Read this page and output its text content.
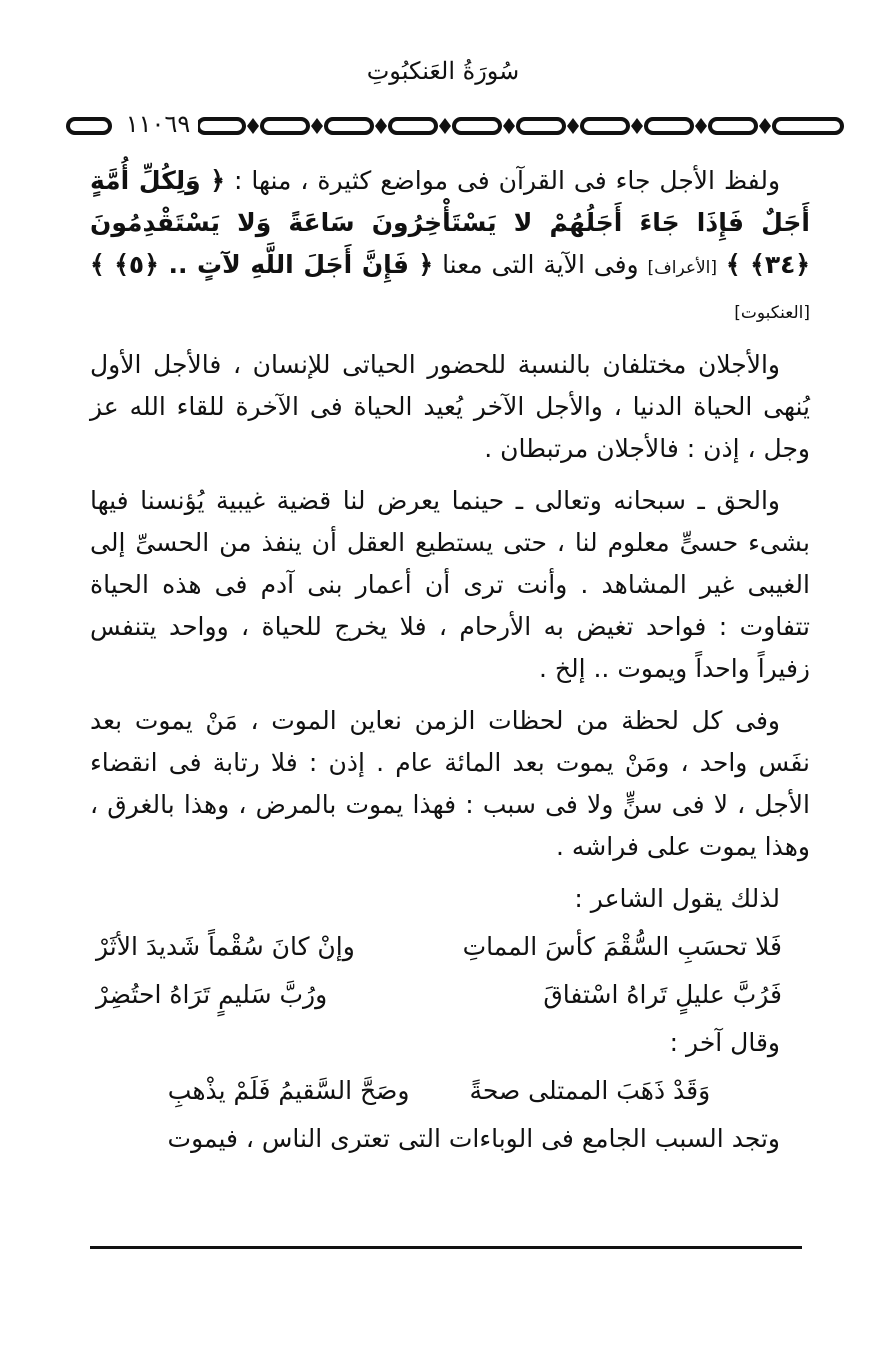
سُورَةُ العَنكبُوتِ
١١٠٦٩

ولفظ الأجل جاء فى القرآن فى مواضع كثيرة ، منها : ﴿ وَلِكُلِّ أُمَّةٍ أَجَلٌ فَإِذَا جَاءَ أَجَلُهُمْ لا يَسْتَأْخِرُونَ سَاعَةً وَلا يَسْتَقْدِمُونَ ﴿٣٤﴾ ﴾ [الأعراف] وفى الآية التى معنا ﴿ فَإِنَّ أَجَلَ اللَّهِ لآتٍ .. ﴿٥﴾ ﴾ [العنكبوت]

والأجلان مختلفان بالنسبة للحضور الحياتى للإنسان ، فالأجل الأول يُنهى الحياة الدنيا ، والأجل الآخر يُعيد الحياة فى الآخرة للقاء الله عز وجل ، إذن : فالأجلان مرتبطان .

والحق ـ سبحانه وتعالى ـ حينما يعرض لنا قضية غيبية يُؤنسنا فيها بشىء حسىٍّ معلوم لنا ، حتى يستطيع العقل أن ينفذ من الحسىِّ إلى الغيبى غير المشاهد . وأنت ترى أن أعمار بنى آدم فى هذه الحياة تتفاوت : فواحد تغيض به الأرحام ، فلا يخرج للحياة ، وواحد يتنفس زفيراً واحداً ويموت .. إلخ .

وفى كل لحظة من لحظات الزمن نعاين الموت ، مَنْ يموت بعد نفَس واحد ، ومَنْ يموت بعد المائة عام . إذن : فلا رتابة فى انقضاء الأجل ، لا فى سنٍّ ولا فى سبب : فهذا يموت بالمرض ، وهذا بالغرق ، وهذا يموت على فراشه .

لذلك يقول الشاعر :
فَلا تحسَبِ السُّقْمَ كأسَ المماتِ
وإنْ كانَ سُقْماً شَديدَ الأثَرْ
فَرُبَّ عليلٍ تَراهُ اسْتفاقَ
ورُبَّ سَليمٍ تَرَاهُ احتُضِرْ
وقال آخر :
وَقَدْ ذَهَبَ الممتلى صحةً
وصَحَّ السَّقيمُ فَلَمْ يذْهبِ

وتجد السبب الجامع فى الوباءات التى تعترى الناس ، فيموت
